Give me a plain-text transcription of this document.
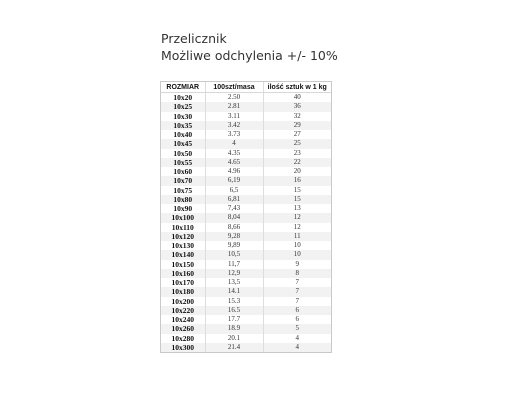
Przelicznik
Możliwe odchylenia +/- 10%
ROZMIAR	100szt/masa	ilość sztuk w 1 kg
10x20	2.50	40
10x25	2.81	36
10x30	3.11	32
10x35	3.42	29
10x40	3.73	27
10x45	4	25
10x50	4.35	23
10x55	4.65	22
10x60	4.96	20
10x70	6,19	16
10x75	6,5	15
10x80	6,81	15
10x90	7,43	13
10x100	8,04	12
10x110	8,66	12
10x120	9,28	11
10x130	9,89	10
10x140	10,5	10
10x150	11,7	9
10x160	12,9	8
10x170	13,5	7
10x180	14.1	7
10x200	15.3	7
10x220	16.5	6
10x240	17.7	6
10x260	18.9	5
10x280	20.1	4
10x300	21.4	4
